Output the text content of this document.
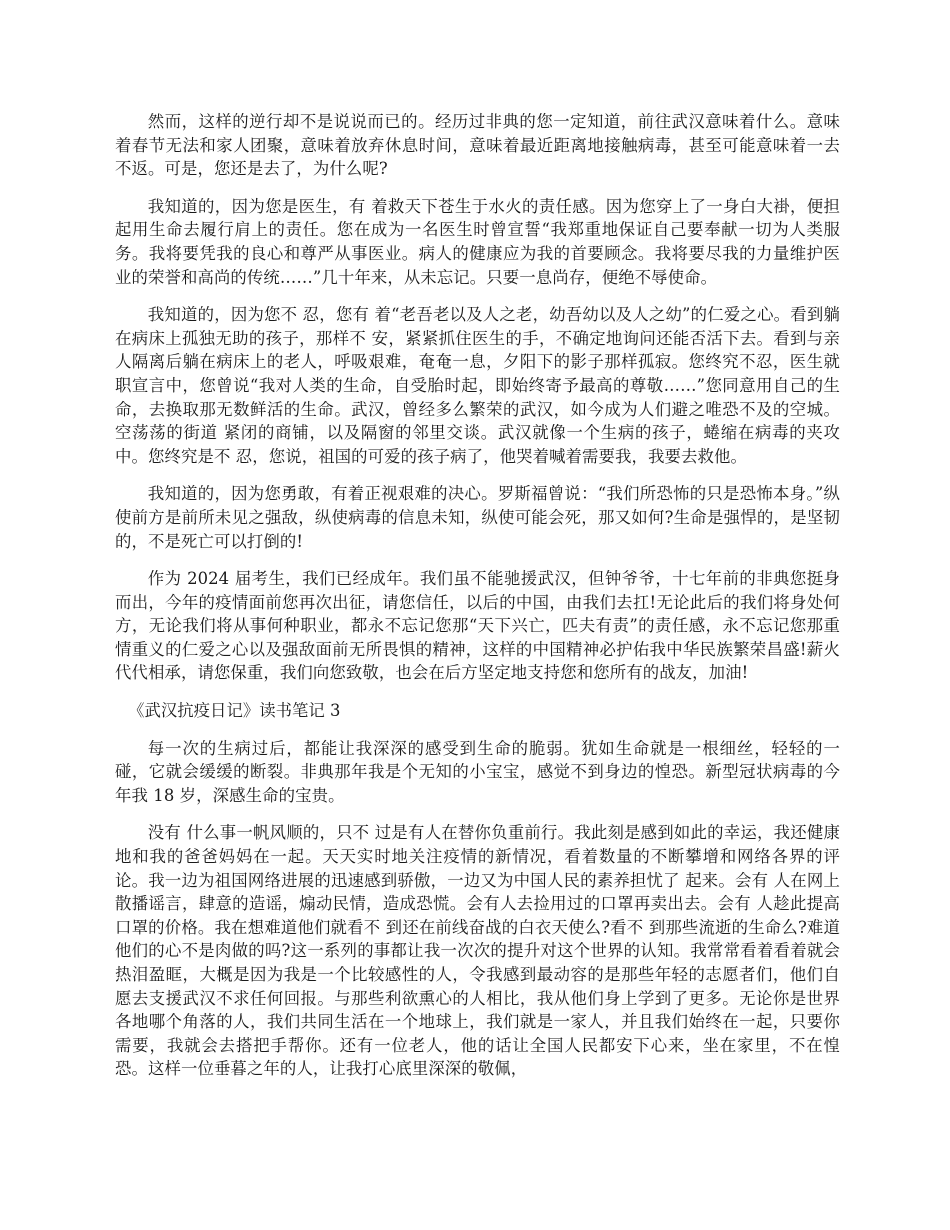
然而，这样的逆行却不是说说而已的。经历过非典的您一定知道，前往武汉意味着什么。意味着春节无法和家人团聚，意味着放弃休息时间，意味着最近距离地接触病毒，甚至可能意味着一去不返。可是，您还是去了，为什么呢?

我知道的，因为您是医生，有 着救天下苍生于水火的责任感。因为您穿上了一身白大褂，便担起用生命去履行肩上的责任。您在成为一名医生时曾宣誓“我郑重地保证自己要奉献一切为人类服务。我将要凭我的良心和尊严从事医业。病人的健康应为我的首要顾念。我将要尽我的力量维护医业的荣誉和高尚的传统……”几十年来，从未忘记。只要一息尚存，便绝不辱使命。

我知道的，因为您不 忍，您有 着“老吾老以及人之老，幼吾幼以及人之幼”的仁爱之心。看到躺在病床上孤独无助的孩子，那样不 安，紧紧抓住医生的手，不确定地询问还能否活下去。看到与亲人隔离后躺在病床上的老人，呼吸艰难，奄奄一息，夕阳下的影子那样孤寂。您终究不忍，医生就职宣言中，您曾说“我对人类的生命，自受胎时起，即始终寄予最高的尊敬……”您同意用自己的生命，去换取那无数鲜活的生命。武汉，曾经多么繁荣的武汉，如今成为人们避之唯恐不及的空城。空荡荡的街道 紧闭的商铺，以及隔窗的邻里交谈。武汉就像一个生病的孩子，蜷缩在病毒的夹攻中。您终究是不 忍，您说，祖国的可爱的孩子病了，他哭着喊着需要我，我要去救他。

我知道的，因为您勇敢，有着正视艰难的决心。罗斯福曾说：“我们所恐怖的只是恐怖本身。”纵使前方是前所未见之强敌，纵使病毒的信息未知，纵使可能会死，那又如何?生命是强悍的，是坚韧的，不是死亡可以打倒的!

作为 2024 届考生，我们已经成年。我们虽不能驰援武汉，但钟爷爷，十七年前的非典您挺身而出，今年的疫情面前您再次出征，请您信任，以后的中国，由我们去扛!无论此后的我们将身处何方，无论我们将从事何种职业，都永不忘记您那“天下兴亡，匹夫有责”的责任感，永不忘记您那重情重义的仁爱之心以及强敌面前无所畏惧的精神，这样的中国精神必护佑我中华民族繁荣昌盛!薪火代代相承，请您保重，我们向您致敬，也会在后方坚定地支持您和您所有的战友，加油!

《武汉抗疫日记》读书笔记 3

每一次的生病过后，都能让我深深的感受到生命的脆弱。犹如生命就是一根细丝，轻轻的一碰，它就会缓缓的断裂。非典那年我是个无知的小宝宝，感觉不到身边的惶恐。新型冠状病毒的今年我 18 岁，深感生命的宝贵。

没有 什么事一帆风顺的，只不 过是有人在替你负重前行。我此刻是感到如此的幸运，我还健康地和我的爸爸妈妈在一起。天天实时地关注疫情的新情况，看着数量的不断攀增和网络各界的评论。我一边为祖国网络进展的迅速感到骄傲，一边又为中国人民的素养担忧了 起来。会有 人在网上散播谣言，肆意的造谣，煽动民情，造成恐慌。会有人去捡用过的口罩再卖出去。会有 人趁此提高口罩的价格。我在想难道他们就看不 到还在前线奋战的白衣天使么?看不 到那些流逝的生命么?难道他们的心不是肉做的吗?这一系列的事都让我一次次的提升对这个世界的认知。我常常看着看着就会热泪盈眶，大概是因为我是一个比较感性的人，令我感到最动容的是那些年轻的志愿者们，他们自愿去支援武汉不求任何回报。与那些利欲熏心的人相比，我从他们身上学到了更多。无论你是世界各地哪个角落的人，我们共同生活在一个地球上，我们就是一家人，并且我们始终在一起，只要你需要，我就会去搭把手帮你。还有一位老人，他的话让全国人民都安下心来，坐在家里，不在惶恐。这样一位垂暮之年的人，让我打心底里深深的敬佩，
